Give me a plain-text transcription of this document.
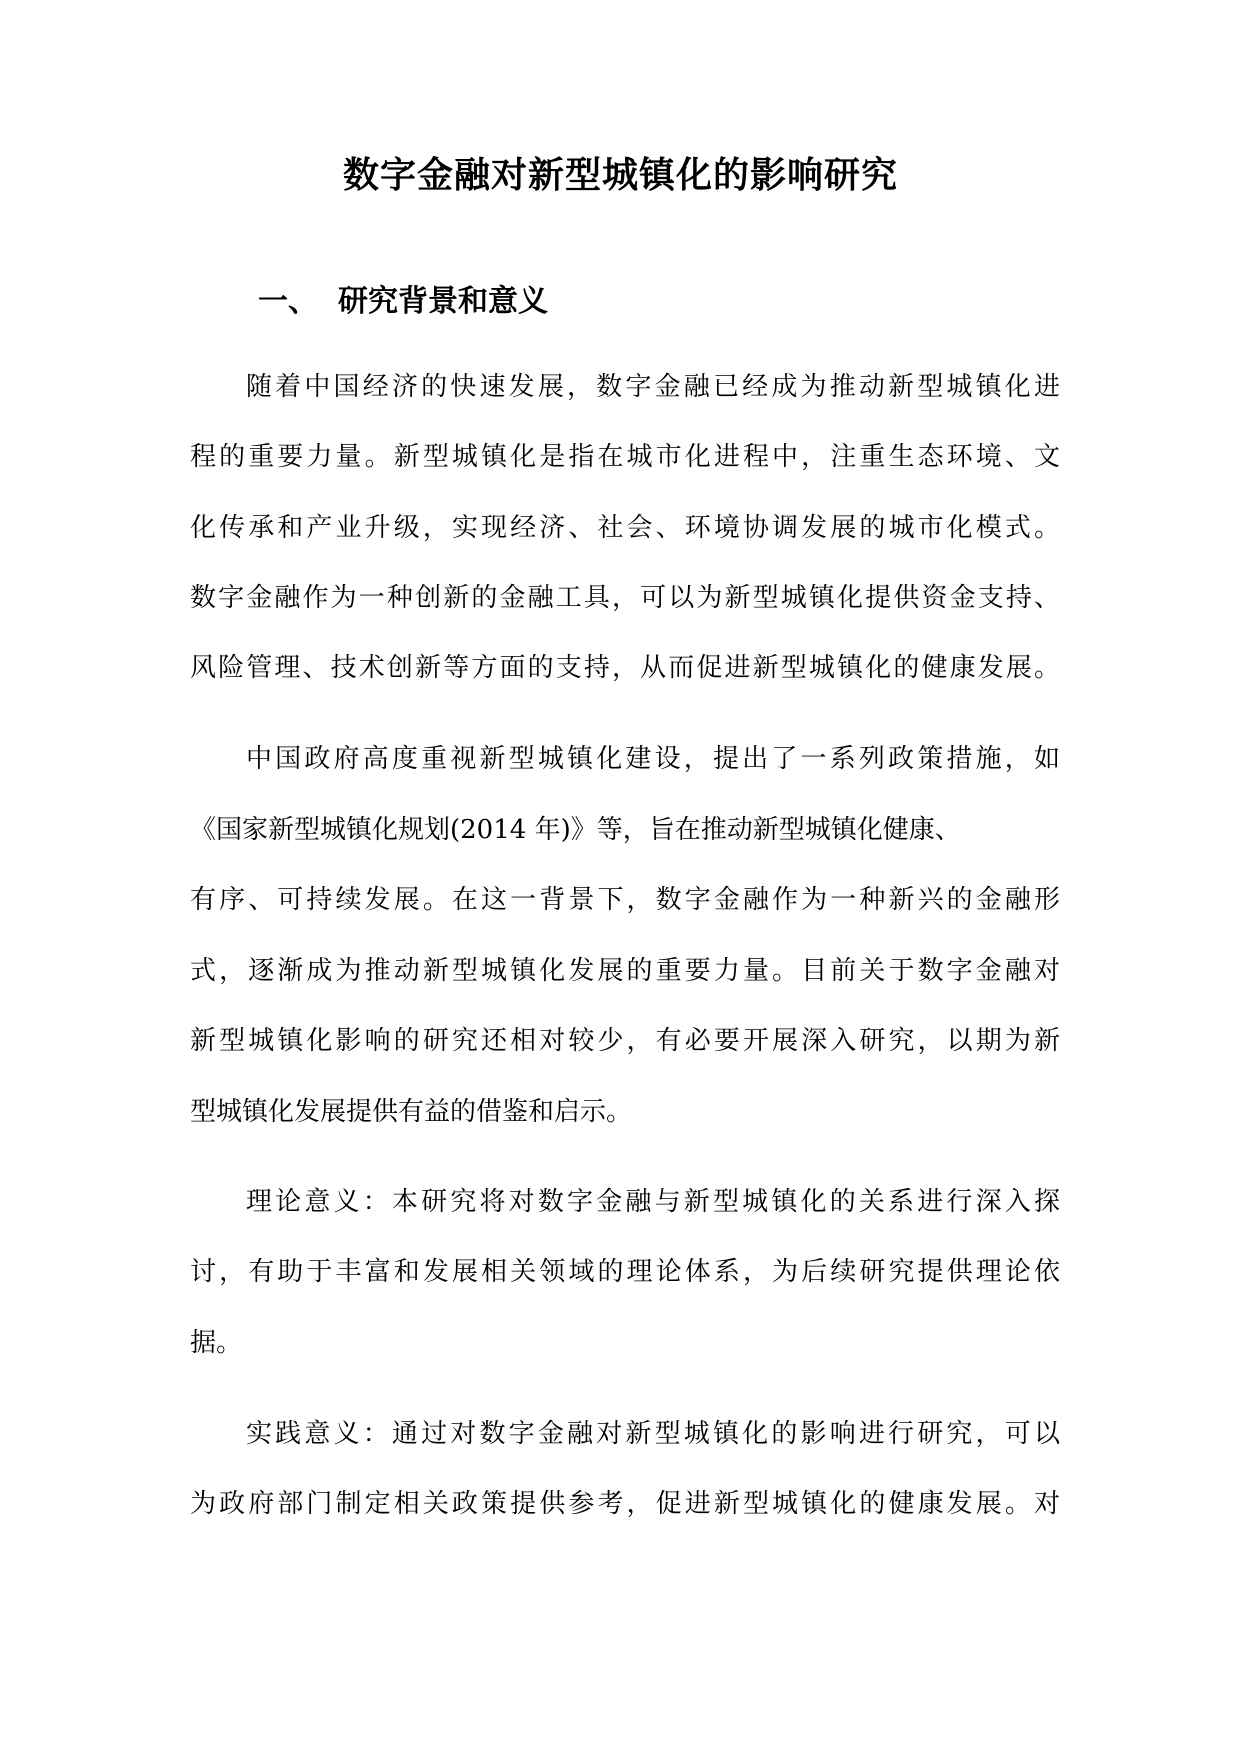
数字金融对新型城镇化的影响研究
一、 研究背景和意义

随着中国经济的快速发展，数字金融已经成为推动新型城镇化进

程的重要力量。新型城镇化是指在城市化进程中，注重生态环境、文

化传承和产业升级，实现经济、社会、环境协调发展的城市化模式。

数字金融作为一种创新的金融工具，可以为新型城镇化提供资金支持、

风险管理、技术创新等方面的支持，从而促进新型城镇化的健康发展。

中国政府高度重视新型城镇化建设，提出了一系列政策措施，如

《国家新型城镇化规划(2014 年)》等，旨在推动新型城镇化健康、

有序、可持续发展。在这一背景下，数字金融作为一种新兴的金融形

式，逐渐成为推动新型城镇化发展的重要力量。目前关于数字金融对

新型城镇化影响的研究还相对较少，有必要开展深入研究，以期为新

型城镇化发展提供有益的借鉴和启示。

理论意义：本研究将对数字金融与新型城镇化的关系进行深入探

讨，有助于丰富和发展相关领域的理论体系，为后续研究提供理论依

据。

实践意义：通过对数字金融对新型城镇化的影响进行研究，可以

为政府部门制定相关政策提供参考，促进新型城镇化的健康发展。对
